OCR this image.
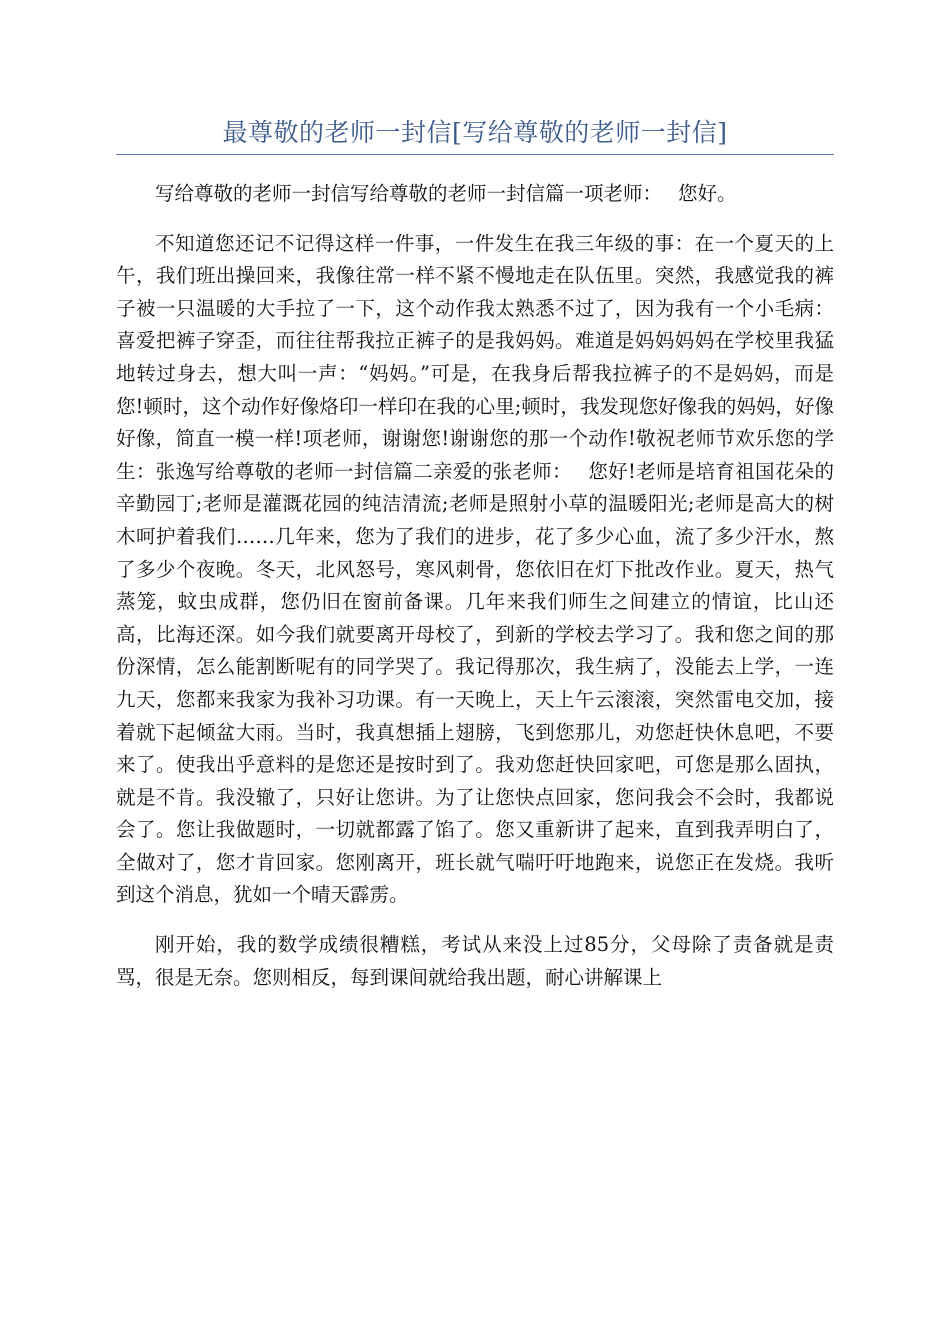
最尊敬的老师一封信[写给尊敬的老师一封信]

写给尊敬的老师一封信写给尊敬的老师一封信篇一项老师：　 您好。

不知道您还记不记得这样一件事，一件发生在我三年级的事：在一个夏天的上午，我们班出操回来，我像往常一样不紧不慢地走在队伍里。突然，我感觉我的裤子被一只温暖的大手拉了一下，这个动作我太熟悉不过了，因为我有一个小毛病：喜爱把裤子穿歪，而往往帮我拉正裤子的是我妈妈。难道是妈妈妈妈在学校里我猛地转过身去，想大叫一声：“妈妈。”可是，在我身后帮我拉裤子的不是妈妈，而是您!顿时，这个动作好像烙印一样印在我的心里;顿时，我发现您好像我的妈妈，好像好像，简直一模一样!项老师，谢谢您!谢谢您的那一个动作!敬祝老师节欢乐您的学生：张逸写给尊敬的老师一封信篇二亲爱的张老师：　 您好!老师是培育祖国花朵的辛勤园丁;老师是灌溉花园的纯洁清流;老师是照射小草的温暖阳光;老师是高大的树木呵护着我们……几年来，您为了我们的进步，花了多少心血，流了多少汗水，熬了多少个夜晚。冬天，北风怒号，寒风刺骨，您依旧在灯下批改作业。夏天，热气蒸笼，蚊虫成群，您仍旧在窗前备课。几年来我们师生之间建立的情谊，比山还高，比海还深。如今我们就要离开母校了，到新的学校去学习了。我和您之间的那份深情，怎么能割断呢有的同学哭了。我记得那次，我生病了，没能去上学，一连九天，您都来我家为我补习功课。有一天晚上，天上午云滚滚，突然雷电交加，接着就下起倾盆大雨。当时，我真想插上翅膀，飞到您那儿，劝您赶快休息吧，不要来了。使我出乎意料的是您还是按时到了。我劝您赶快回家吧，可您是那么固执，就是不肯。我没辙了，只好让您讲。为了让您快点回家，您问我会不会时，我都说会了。您让我做题时，一切就都露了馅了。您又重新讲了起来，直到我弄明白了，全做对了，您才肯回家。您刚离开，班长就气喘吁吁地跑来，说您正在发烧。我听到这个消息，犹如一个晴天霹雳。

刚开始，我的数学成绩很糟糕，考试从来没上过85分，父母除了责备就是责骂，很是无奈。您则相反，每到课间就给我出题，耐心讲解课上
